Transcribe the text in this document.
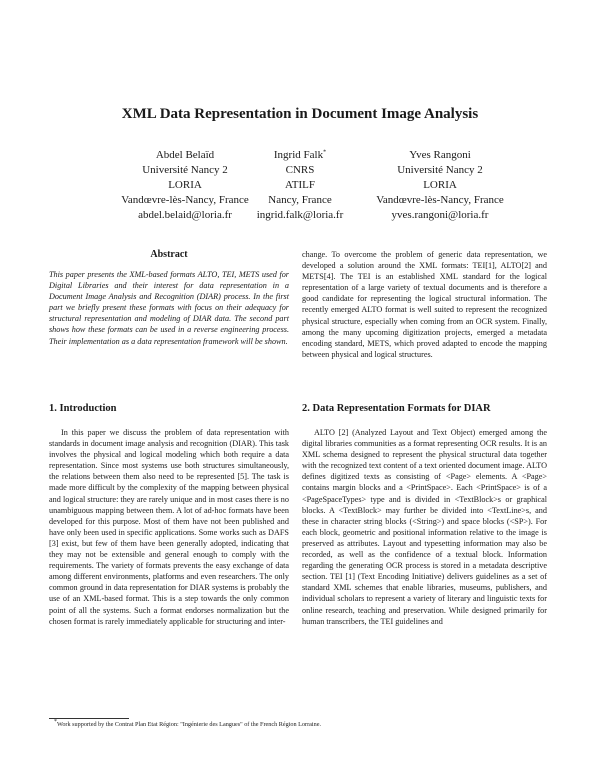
XML Data Representation in Document Image Analysis
Abdel Belaïd
Université Nancy 2
LORIA
Vandœvre-lès-Nancy, France
abdel.belaid@loria.fr
Ingrid Falk*
CNRS
ATILF
Nancy, France
ingrid.falk@loria.fr
Yves Rangoni
Université Nancy 2
LORIA
Vandœvre-lès-Nancy, France
yves.rangoni@loria.fr
Abstract
This paper presents the XML-based formats ALTO, TEI, METS used for Digital Libraries and their interest for data representation in a Document Image Analysis and Recognition (DIAR) process. In the first part we briefly present these formats with focus on their adequacy for structural representation and modeling of DIAR data. The second part shows how these formats can be used in a reverse engineering process. Their implementation as a data representation framework will be shown.
1. Introduction
In this paper we discuss the problem of data representation with standards in document image analysis and recognition (DIAR). This task involves the physical and logical modeling which both require a data representation. Since most systems use both structures simultaneously, the relations between them also need to be represented [5]. The task is made more difficult by the complexity of the mapping between physical and logical structure: they are rarely unique and in most cases there is no unambiguous mapping between them. A lot of ad-hoc formats have been developed for this purpose. Most of them have not been published and have only been used in specific applications. Some works such as DAFS [3] exist, but few of them have been generally adopted, indicating that they may not be extensible and general enough to comply with the requirements. The variety of formats prevents the easy exchange of data among different environments, platforms and even researchers. The only common ground in data representation for DIAR systems is probably the use of an XML-based format. This is a step towards the only common point of all the systems. Such a format endorses normalization but the chosen format is rarely immediately applicable for structuring and inter-
change. To overcome the problem of generic data representation, we developed a solution around the XML formats: TEI[1], ALTO[2] and METS[4]. The TEI is an established XML standard for the logical representation of a large variety of textual documents and is therefore a good candidate for representing the logical structural information. The recently emerged ALTO format is well suited to represent the recognized physical structure, especially when coming from an OCR system. Finally, among the many upcoming digitization projects, emerged a metadata encoding standard, METS, which proved adapted to encode the mapping between physical and logical structures.
2. Data Representation Formats for DIAR
ALTO [2] (Analyzed Layout and Text Object) emerged among the digital libraries communities as a format representing OCR results. It is an XML schema designed to represent the physical structural data together with the recognized text content of a text oriented document image. ALTO defines digitized texts as consisting of <Page> elements. A <Page> contains margin blocks and a <PrintSpace>. Each <PrintSpace> is of a <PageSpaceTypes> type and is divided in <TextBlock>s or graphical blocks. A <TextBlock> may further be divided into <TextLine>s, and these in character string blocks (<String>) and space blocks (<SP>). For each block, geometric and positional information relative to the image is preserved as attributes. Layout and typesetting information may also be recorded, as well as the confidence of a textual block. Information regarding the generating OCR process is stored in a metadata descriptive section. TEI [1] (Text Encoding Initiative) delivers guidelines as a set of standard XML schemes that enable libraries, museums, publishers, and individual scholars to represent a variety of literary and linguistic texts for online research, teaching and preservation. While designed primarily for human transcribers, the TEI guidelines and
*Work supported by the Contrat Plan Etat Région: "Ingénierie des Langues" of the French Région Lorraine.
